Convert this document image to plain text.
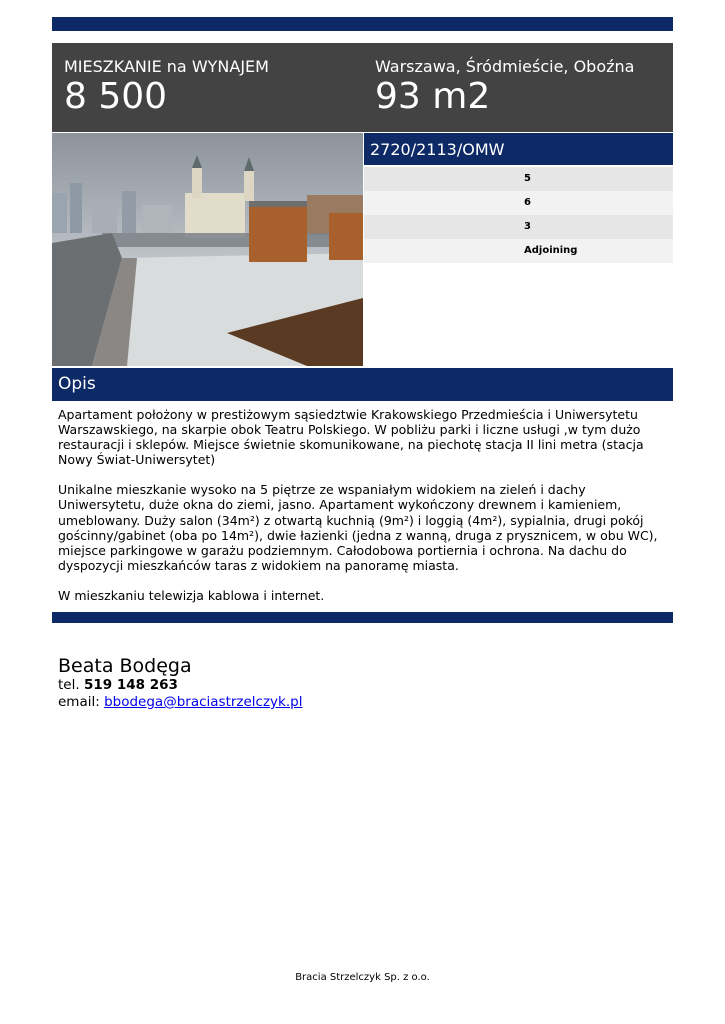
MIESZKANIE na WYNAJEM
8 500
Warszawa, Śródmieście, Oboźna
93 m2
2720/2113/OMW
5
6
3
Adjoining
Opis

Apartament położony w prestiżowym sąsiedztwie Krakowskiego Przedmieścia i Uniwersytetu Warszawskiego, na skarpie obok Teatru Polskiego. W pobliżu parki i liczne usługi ,w tym dużo restauracji i sklepów. Miejsce świetnie skomunikowane, na piechotę stacja II lini metra (stacja Nowy Świat-Uniwersytet)

Unikalne mieszkanie wysoko na 5 piętrze ze wspaniałym widokiem na zieleń i dachy Uniwersytetu, duże okna do ziemi, jasno. Apartament wykończony drewnem i kamieniem, umeblowany. Duży salon (34m²) z otwartą kuchnią (9m²) i loggią (4m²), sypialnia, drugi pokój gościnny/gabinet (oba po 14m²), dwie łazienki (jedna z wanną, druga z prysznicem, w obu WC), miejsce parkingowe w garażu podziemnym. Całodobowa portiernia i ochrona. Na dachu do dyspozycji mieszkańców taras z widokiem na panoramę miasta.

W mieszkaniu telewizja kablowa i internet.

Beata Bodęga
tel. 519 148 263
email: bbodega@braciastrzelczyk.pl
Bracia Strzelczyk Sp. z o.o.
